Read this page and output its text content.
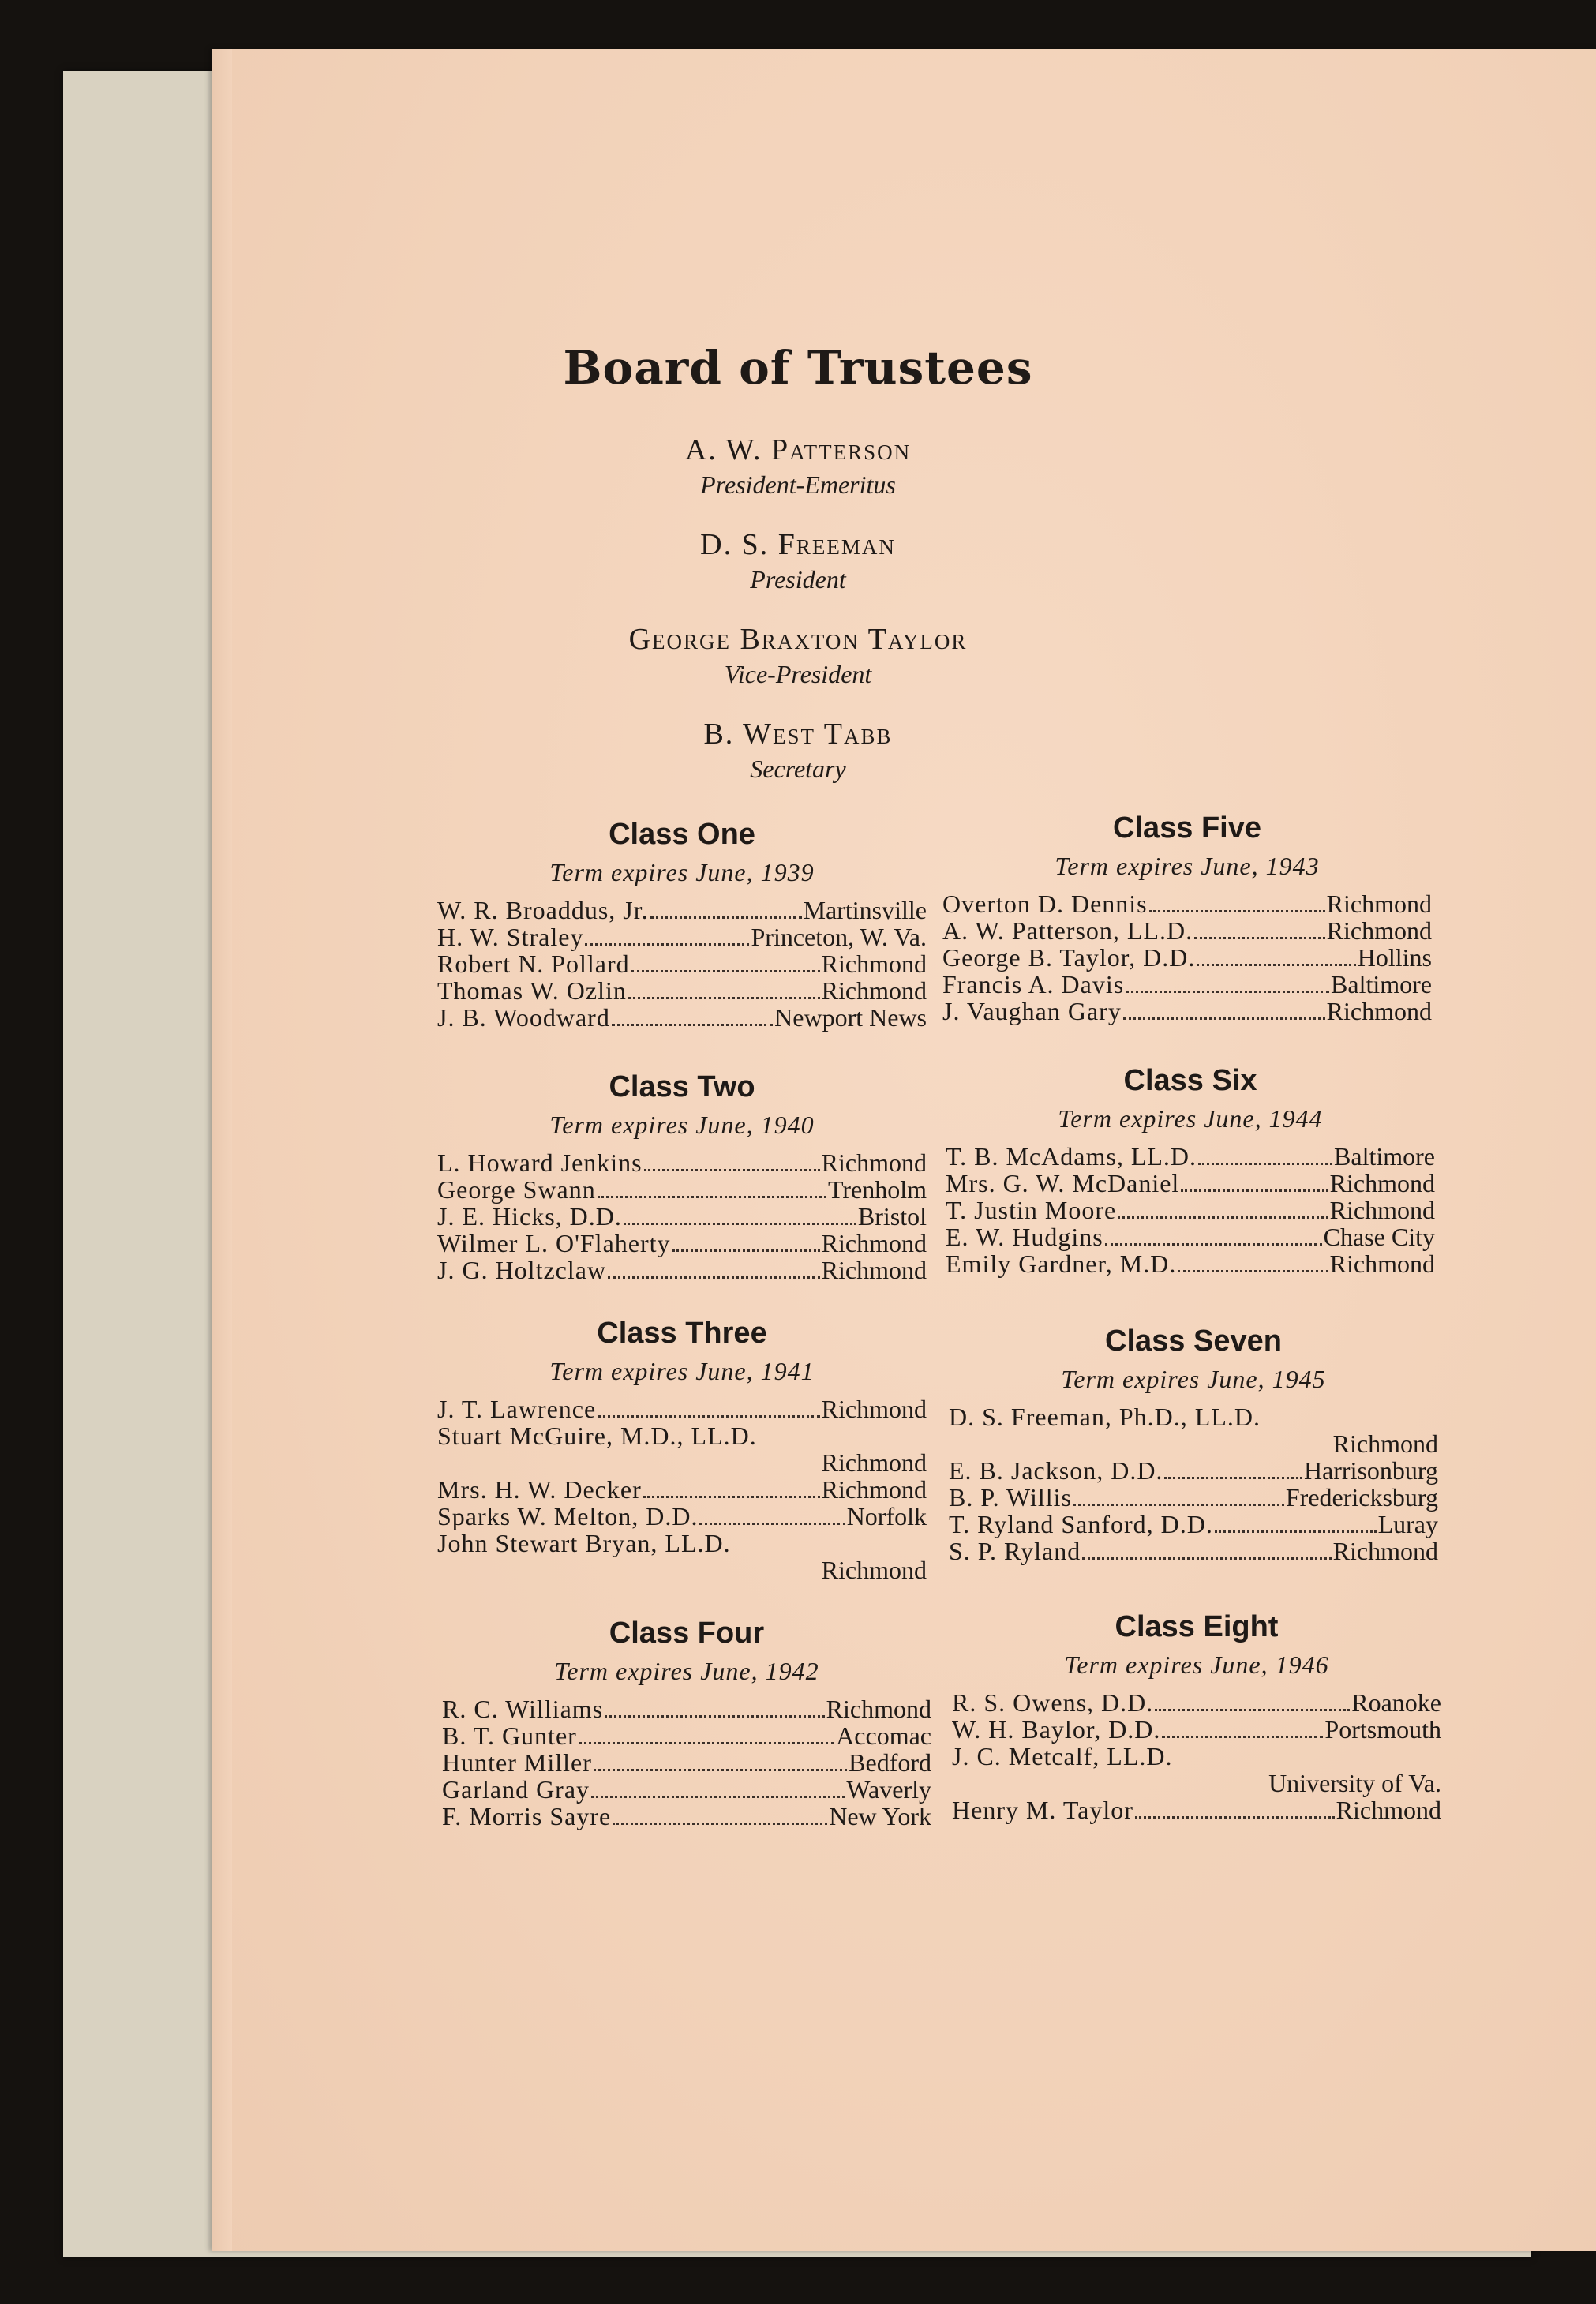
Board of Trustees
A. W. Patterson
President-Emeritus
D. S. Freeman
President
George Braxton Taylor
Vice-President
B. West Tabb
Secretary
Class One
Term expires June, 1939
W. R. Broaddus, Jr.	Martinsville
H. W. Straley	Princeton, W. Va.
Robert N. Pollard	Richmond
Thomas W. Ozlin	Richmond
J. B. Woodward	Newport News
Class Two
Term expires June, 1940
L. Howard Jenkins	Richmond
George Swann	Trenholm
J. E. Hicks, D.D.	Bristol
Wilmer L. O'Flaherty	Richmond
J. G. Holtzclaw	Richmond
Class Three
Term expires June, 1941
J. T. Lawrence	Richmond
Stuart McGuire, M.D., LL.D.
Richmond
Mrs. H. W. Decker	Richmond
Sparks W. Melton, D.D.	Norfolk
John Stewart Bryan, LL.D.
Richmond
Class Four
Term expires June, 1942
R. C. Williams	Richmond
B. T. Gunter	Accomac
Hunter Miller	Bedford
Garland Gray	Waverly
F. Morris Sayre	New York
Class Five
Term expires June, 1943
Overton D. Dennis	Richmond
A. W. Patterson, LL.D.	Richmond
George B. Taylor, D.D.	Hollins
Francis A. Davis	Baltimore
J. Vaughan Gary	Richmond
Class Six
Term expires June, 1944
T. B. McAdams, LL.D.	Baltimore
Mrs. G. W. McDaniel	Richmond
T. Justin Moore	Richmond
E. W. Hudgins	Chase City
Emily Gardner, M.D.	Richmond
Class Seven
Term expires June, 1945
D. S. Freeman, Ph.D., LL.D.
Richmond
E. B. Jackson, D.D.	Harrisonburg
B. P. Willis	Fredericksburg
T. Ryland Sanford, D.D.	Luray
S. P. Ryland	Richmond
Class Eight
Term expires June, 1946
R. S. Owens, D.D.	Roanoke
W. H. Baylor, D.D.	Portsmouth
J. C. Metcalf, LL.D.
University of Va.
Henry M. Taylor	Richmond
